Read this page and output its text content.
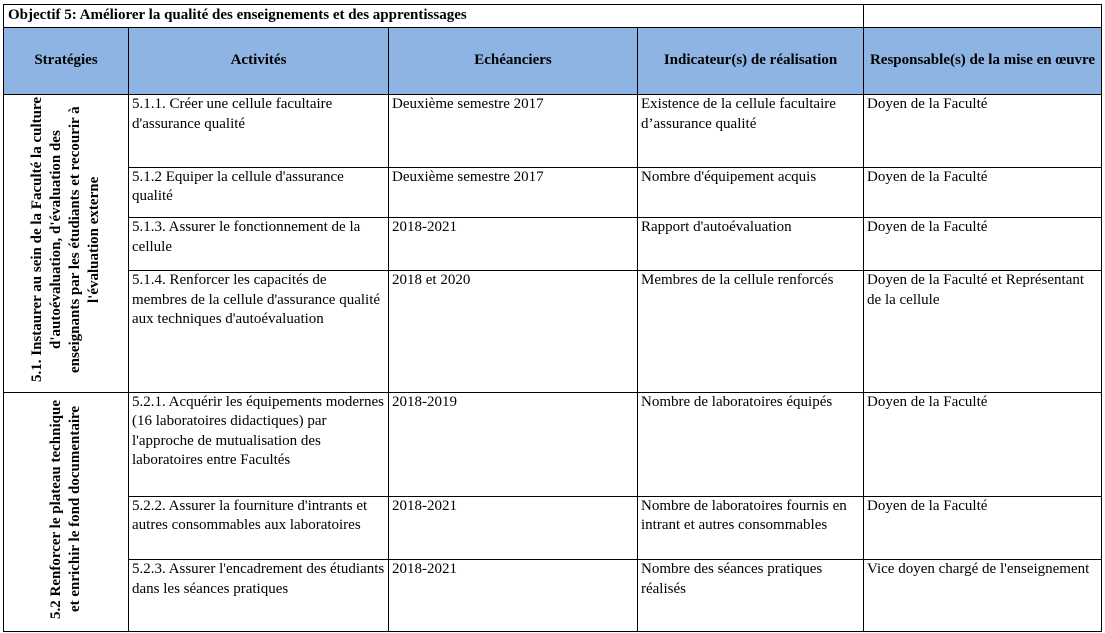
Objectif 5: Améliorer la qualité des enseignements et des apprentissages				
Stratégies	Activités	Echéanciers	Indicateur(s) de réalisation	Responsable(s) de la mise en œuvre
5.1. Instaurer au sein de la Faculté la culture d'autoévaluation, d'évaluation des enseignants par les étudiants et recourir à l'évaluation externe	5.1.1. Créer une cellule facultaire d'assurance qualité	Deuxième semestre 2017	Existence de la cellule facultaire d’assurance qualité	Doyen de la Faculté
	5.1.2 Equiper la cellule d'assurance qualité	Deuxième semestre 2017	Nombre d'équipement acquis	Doyen de la Faculté
	5.1.3. Assurer le fonctionnement de la cellule	2018-2021	Rapport d'autoévaluation	Doyen de la Faculté
	5.1.4. Renforcer les capacités de membres de la cellule d'assurance qualité aux techniques d'autoévaluation	2018 et 2020	Membres de la cellule renforcés	Doyen de la Faculté et Représentant de la cellule
5.2 Renforcer le plateau technique et enrichir le fond documentaire	5.2.1. Acquérir les équipements modernes (16 laboratoires didactiques) par l'approche de mutualisation des laboratoires entre Facultés	2018-2019	Nombre de laboratoires équipés	Doyen de la Faculté
	5.2.2. Assurer la fourniture d'intrants et autres consommables aux laboratoires	2018-2021	Nombre de laboratoires fournis en intrant et autres consommables	Doyen de la Faculté
	5.2.3. Assurer l'encadrement des étudiants dans les séances pratiques	2018-2021	Nombre des séances pratiques réalisés	Vice doyen chargé de l'enseignement
